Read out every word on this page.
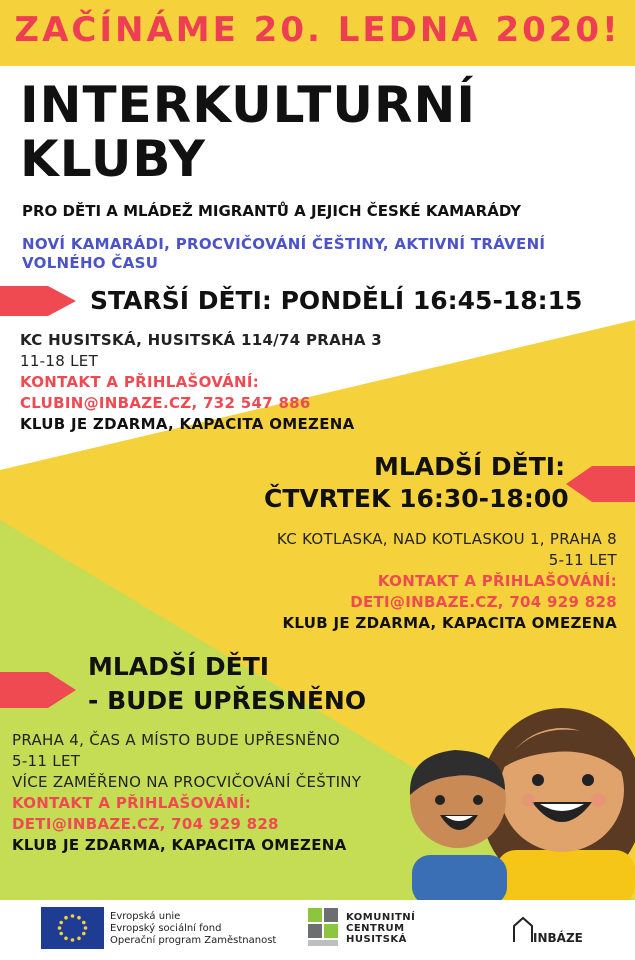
ZAČÍNÁME 20. LEDNA 2020!
INTERKULTURNÍ
KLUBY
PRO DĚTI A MLÁDEŽ MIGRANTŮ A JEJICH ČESKÉ KAMARÁDY
NOVÍ KAMARÁDI, PROCVIČOVÁNÍ ČEŠTINY, AKTIVNÍ TRÁVENÍ VOLNÉHO ČASU
STARŠÍ DĚTI: PONDĚLÍ 16:45-18:15
KC HUSITSKÁ, HUSITSKÁ 114/74 PRAHA 3
11-18 LET
KONTAKT A PŘIHLAŠOVÁNÍ:
CLUBIN@INBAZE.CZ, 732 547 886
KLUB JE ZDARMA, KAPACITA OMEZENA
MLADŠÍ DĚTI:
ČTVRTEK 16:30-18:00
KC KOTLASKA, NAD KOTLASKOU 1, PRAHA 8
5-11 LET
KONTAKT A PŘIHLAŠOVÁNÍ:
DETI@INBAZE.CZ, 704 929 828
KLUB JE ZDARMA, KAPACITA OMEZENA
MLADŠÍ DĚTI
- BUDE UPŘESNĚNO
PRAHA 4, ČAS A MÍSTO BUDE UPŘESNĚNO
5-11 LET
VÍCE ZAMĚŘENO NA PROCVIČOVÁNÍ ČEŠTINY
KONTAKT A PŘIHLAŠOVÁNÍ:
DETI@INBAZE.CZ, 704 929 828
KLUB JE ZDARMA, KAPACITA OMEZENA
Evropská unie
Evropský sociální fond
Operační program Zaměstnanost
KOMUNITNÍ
CENTRUM
HUSITSKÁ	INBÁZE
